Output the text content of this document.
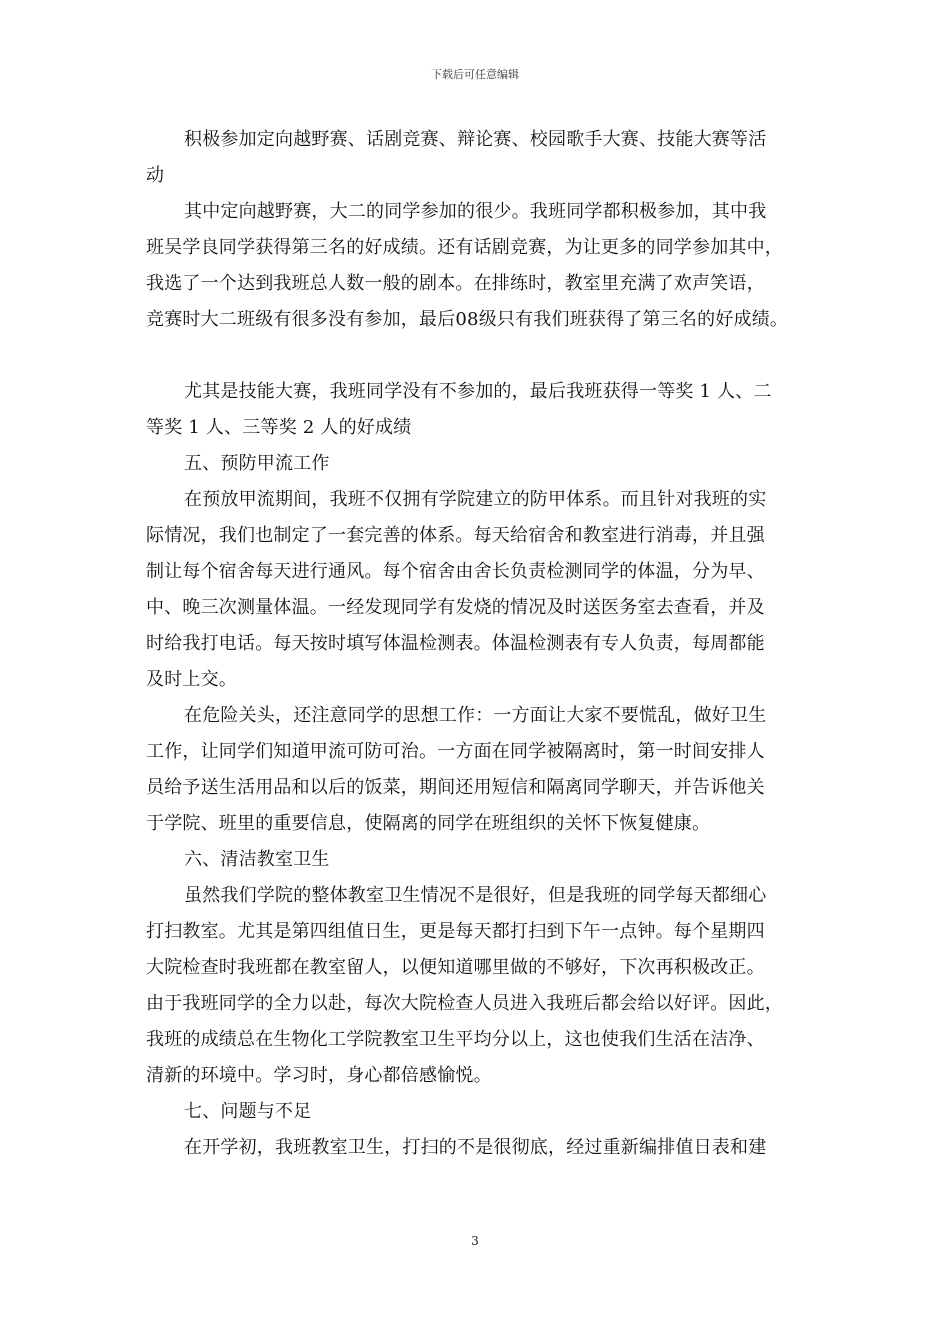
下载后可任意编辑
积极参加定向越野赛、话剧竞赛、辩论赛、校园歌手大赛、技能大赛等活
动
其中定向越野赛，大二的同学参加的很少。我班同学都积极参加，其中我
班吴学良同学获得第三名的好成绩。还有话剧竞赛，为让更多的同学参加其中，
我选了一个达到我班总人数一般的剧本。在排练时，教室里充满了欢声笑语，
竞赛时大二班级有很多没有参加，最后08级只有我们班获得了第三名的好成绩。
尤其是技能大赛，我班同学没有不参加的，最后我班获得一等奖 1 人、二
等奖 1 人、三等奖 2 人的好成绩
五、预防甲流工作
在预放甲流期间，我班不仅拥有学院建立的防甲体系。而且针对我班的实
际情况，我们也制定了一套完善的体系。每天给宿舍和教室进行消毒，并且强
制让每个宿舍每天进行通风。每个宿舍由舍长负责检测同学的体温，分为早、
中、晚三次测量体温。一经发现同学有发烧的情况及时送医务室去查看，并及
时给我打电话。每天按时填写体温检测表。体温检测表有专人负责，每周都能
及时上交。
在危险关头，还注意同学的思想工作：一方面让大家不要慌乱，做好卫生
工作，让同学们知道甲流可防可治。一方面在同学被隔离时，第一时间安排人
员给予送生活用品和以后的饭菜，期间还用短信和隔离同学聊天，并告诉他关
于学院、班里的重要信息，使隔离的同学在班组织的关怀下恢复健康。
六、清洁教室卫生
虽然我们学院的整体教室卫生情况不是很好，但是我班的同学每天都细心
打扫教室。尤其是第四组值日生，更是每天都打扫到下午一点钟。每个星期四
大院检查时我班都在教室留人，以便知道哪里做的不够好，下次再积极改正。
由于我班同学的全力以赴，每次大院检查人员进入我班后都会给以好评。因此，
我班的成绩总在生物化工学院教室卫生平均分以上，这也使我们生活在洁净、
清新的环境中。学习时，身心都倍感愉悦。
七、问题与不足
在开学初，我班教室卫生，打扫的不是很彻底，经过重新编排值日表和建
3
